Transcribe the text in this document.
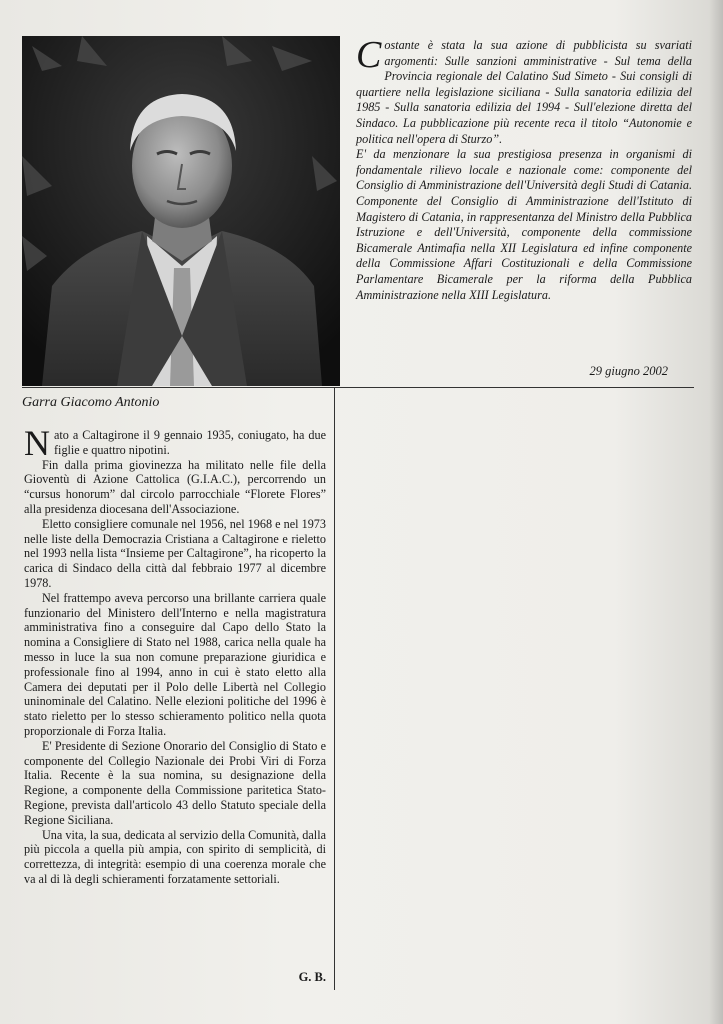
Costante è stata la sua azione di pubblicista su svariati argomenti: Sulle sanzioni amministrative - Sul tema della Provincia regionale del Calatino Sud Simeto - Sui consigli di quartiere nella legislazione siciliana - Sulla sanatoria edilizia del 1985 - Sulla sanatoria edilizia del 1994 - Sull'elezione diretta del Sindaco. La pubblicazione più recente reca il titolo “Autonomie e politica nell'opera di Sturzo”.

E' da menzionare la sua prestigiosa presenza in organismi di fondamentale rilievo locale e nazionale come: componente del Consiglio di Amministrazione dell'Università degli Studi di Catania. Componente del Consiglio di Amministrazione dell'Istituto di Magistero di Catania, in rappresentanza del Ministro della Pubblica Istruzione e dell'Università, componente della commissione Bicamerale Antimafia nella XII Legislatura ed infine componente della Commissione Affari Costituzionali e della Commissione Parlamentare Bicamerale per la riforma della Pubblica Amministrazione nella XIII Legislatura.

29 giugno 2002
Garra Giacomo Antonio

Nato a Caltagirone il 9 gennaio 1935, coniugato, ha due figlie e quattro nipotini.

Fin dalla prima giovinezza ha militato nelle file della Gioventù di Azione Cattolica (G.I.A.C.), percorrendo un “cursus honorum” dal circolo parrocchiale “Florete Flores” alla presidenza diocesana dell'Associazione.

Eletto consigliere comunale nel 1956, nel 1968 e nel 1973 nelle liste della Democrazia Cristiana a Caltagirone e rieletto nel 1993 nella lista “Insieme per Caltagirone”, ha ricoperto la carica di Sindaco della città dal febbraio 1977 al dicembre 1978.

Nel frattempo aveva percorso una brillante carriera quale funzionario del Ministero dell'Interno e nella magistratura amministrativa fino a conseguire dal Capo dello Stato la nomina a Consigliere di Stato nel 1988, carica nella quale ha messo in luce la sua non comune preparazione giuridica e professionale fino al 1994, anno in cui è stato eletto alla Camera dei deputati per il Polo delle Libertà nel Collegio uninominale del Calatino. Nelle elezioni politiche del 1996 è stato rieletto per lo stesso schieramento politico nella quota proporzionale di Forza Italia.

E' Presidente di Sezione Onorario del Consiglio di Stato e componente del Collegio Nazionale dei Probi Viri di Forza Italia. Recente è la sua nomina, su designazione della Regione, a componente della Commissione paritetica Stato-Regione, prevista dall'articolo 43 dello Statuto speciale della Regione Siciliana.

Una vita, la sua, dedicata al servizio della Comunità, dalla più piccola a quella più ampia, con spirito di semplicità, di correttezza, di integrità: esempio di una coerenza morale che va al di là degli schieramenti forzatamente settoriali.

G. B.
